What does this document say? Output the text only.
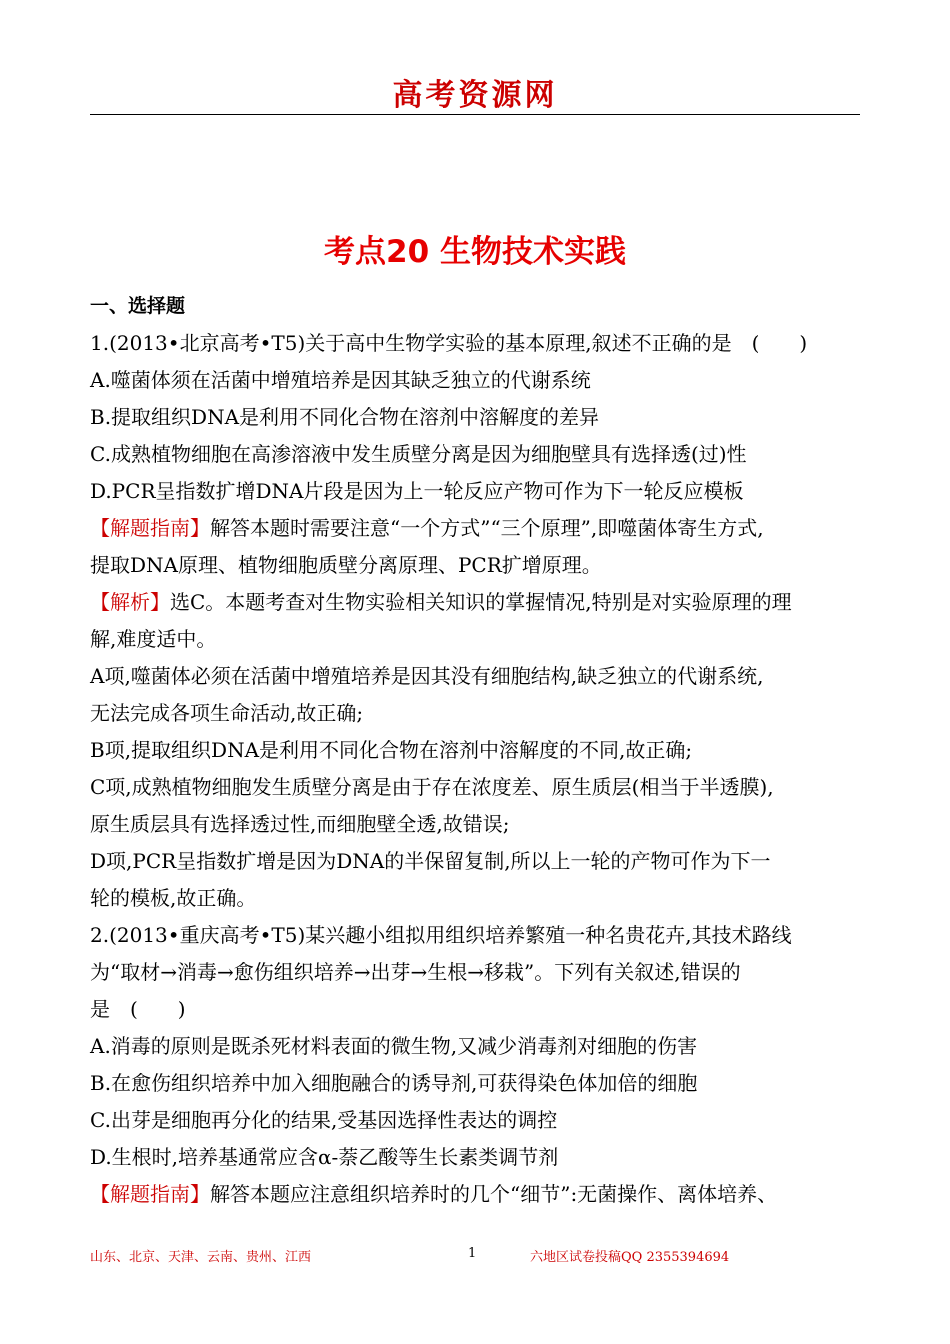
高考资源网
考点20 生物技术实践
一、选择题
1.(2013•北京高考•T5)关于高中生物学实验的基本原理,叙述不正确的是　(　　)
A.噬菌体须在活菌中增殖培养是因其缺乏独立的代谢系统
B.提取组织DNA是利用不同化合物在溶剂中溶解度的差异
C.成熟植物细胞在高渗溶液中发生质壁分离是因为细胞壁具有选择透(过)性
D.PCR呈指数扩增DNA片段是因为上一轮反应产物可作为下一轮反应模板
【解题指南】解答本题时需要注意“一个方式”“三个原理”,即噬菌体寄生方式,
提取DNA原理、植物细胞质壁分离原理、PCR扩增原理。
【解析】选C。本题考查对生物实验相关知识的掌握情况,特别是对实验原理的理
解,难度适中。
A项,噬菌体必须在活菌中增殖培养是因其没有细胞结构,缺乏独立的代谢系统,
无法完成各项生命活动,故正确;
B项,提取组织DNA是利用不同化合物在溶剂中溶解度的不同,故正确;
C项,成熟植物细胞发生质壁分离是由于存在浓度差、原生质层(相当于半透膜),
原生质层具有选择透过性,而细胞壁全透,故错误;
D项,PCR呈指数扩增是因为DNA的半保留复制,所以上一轮的产物可作为下一
轮的模板,故正确。
2.(2013•重庆高考•T5)某兴趣小组拟用组织培养繁殖一种名贵花卉,其技术路线
为“取材→消毒→愈伤组织培养→出芽→生根→移栽”。下列有关叙述,错误的
是　(　　)
A.消毒的原则是既杀死材料表面的微生物,又减少消毒剂对细胞的伤害
B.在愈伤组织培养中加入细胞融合的诱导剂,可获得染色体加倍的细胞
C.出芽是细胞再分化的结果,受基因选择性表达的调控
D.生根时,培养基通常应含α-萘乙酸等生长素类调节剂
【解题指南】解答本题应注意组织培养时的几个“细节”:无菌操作、离体培养、
山东、北京、天津、云南、贵州、江西	1	六地区试卷投稿QQ 2355394694
